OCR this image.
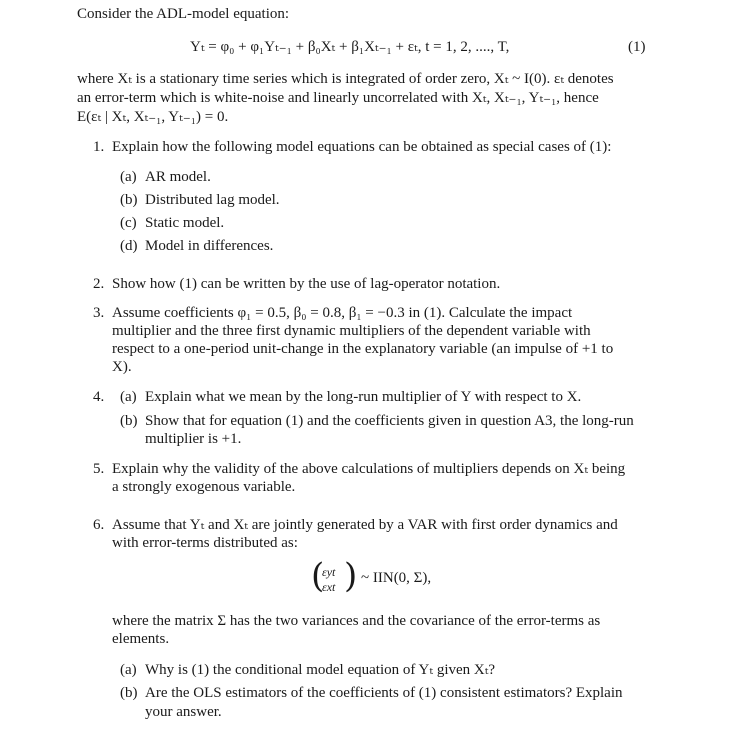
Consider the ADL-model equation:
Yₜ = φ₀ + φ₁Yₜ₋₁ + β₀Xₜ + β₁Xₜ₋₁ + εₜ, t = 1, 2, ...., T,	(1)
where Xₜ is a stationary time series which is integrated of order zero, Xₜ ~ I(0). εₜ denotes
an error-term which is white-noise and linearly uncorrelated with Xₜ, Xₜ₋₁, Yₜ₋₁, hence
E(εₜ | Xₜ, Xₜ₋₁, Yₜ₋₁) = 0.
1. Explain how the following model equations can be obtained as special cases of (1):
(a) AR model.
(b) Distributed lag model.
(c) Static model.
(d) Model in differences.
2. Show how (1) can be written by the use of lag-operator notation.
3. Assume coefficients φ₁ = 0.5, β₀ = 0.8, β₁ = −0.3 in (1). Calculate the impact
multiplier and the three first dynamic multipliers of the dependent variable with
respect to a one-period unit-change in the explanatory variable (an impulse of +1 to
X).
4. (a) Explain what we mean by the long-run multiplier of Y with respect to X.
(b) Show that for equation (1) and the coefficients given in question A3, the long-run
multiplier is +1.
5. Explain why the validity of the above calculations of multipliers depends on Xₜ being
a strongly exogenous variable.
6. Assume that Yₜ and Xₜ are jointly generated by a VAR with first order dynamics and
with error-terms distributed as:
(
εyt
εxt ) ~ IIN(0, Σ),
where the matrix Σ has the two variances and the covariance of the error-terms as
elements.
(a) Why is (1) the conditional model equation of Yₜ given Xₜ?
(b) Are the OLS estimators of the coefficients of (1) consistent estimators? Explain
your answer.
